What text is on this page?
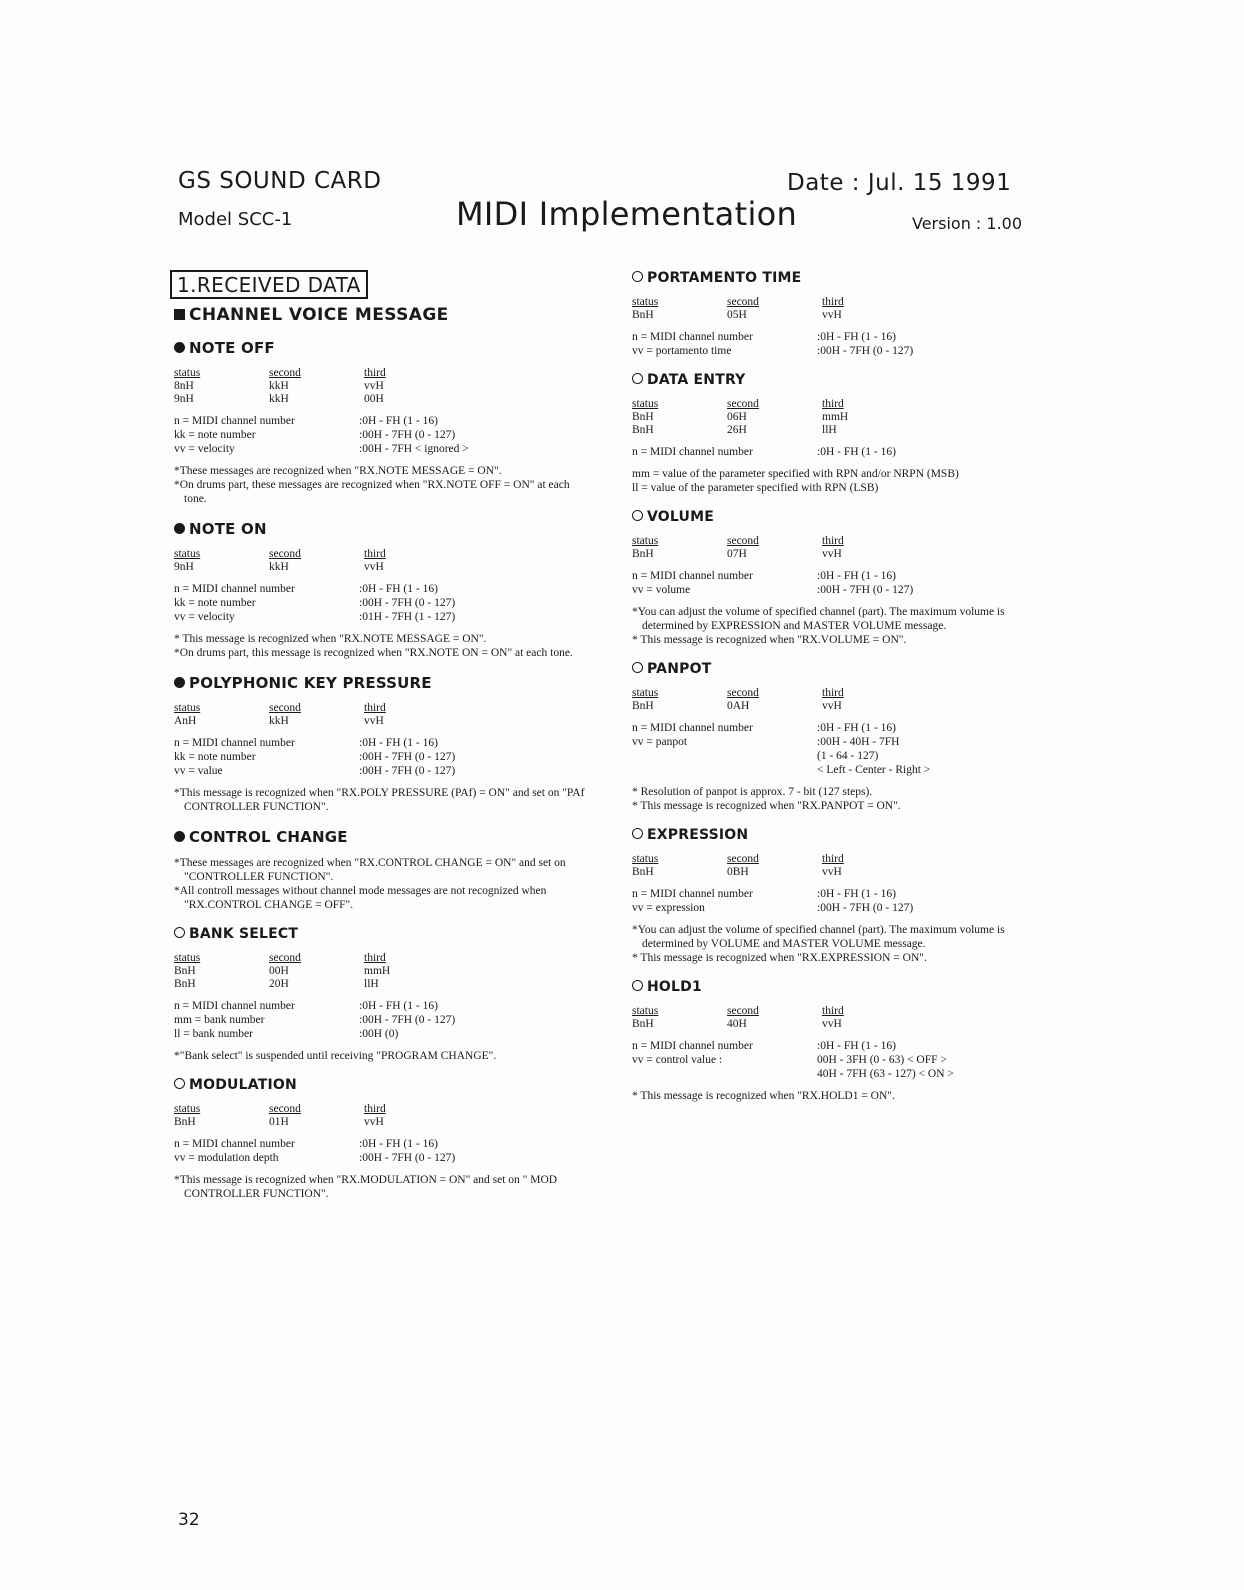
GS SOUND CARD
Model SCC-1	MIDI Implementation
Date : Jul. 15 1991
Version : 1.00
1.RECEIVED DATA
CHANNEL VOICE MESSAGE
NOTE OFF
status	second	third
8nH	kkH	vvH
9nH	kkH	00H
n = MIDI channel number	:0H - FH (1 - 16)
kk = note number	:00H - 7FH (0 - 127)
vv = velocity	:00H - 7FH < ignored >

*These messages are recognized when "RX.NOTE MESSAGE = ON".

*On drums part, these messages are recognized when "RX.NOTE OFF = ON" at each tone.

NOTE ON
status	second	third
9nH	kkH	vvH
n = MIDI channel number	:0H - FH (1 - 16)
kk = note number	:00H - 7FH (0 - 127)
vv = velocity	:01H - 7FH (1 - 127)

* This message is recognized when "RX.NOTE MESSAGE = ON".

*On drums part, this message is recognized when "RX.NOTE ON = ON" at each tone.

POLYPHONIC KEY PRESSURE
status	second	third
AnH	kkH	vvH
n = MIDI channel number	:0H - FH (1 - 16)
kk = note number	:00H - 7FH (0 - 127)
vv = value	:00H - 7FH (0 - 127)

*This message is recognized when "RX.POLY PRESSURE (PAf) = ON" and set on "PAf CONTROLLER FUNCTION".

CONTROL CHANGE

*These messages are recognized when "RX.CONTROL CHANGE = ON" and set on "CONTROLLER FUNCTION".

*All controll messages without channel mode messages are not recognized when "RX.CONTROL CHANGE = OFF".

BANK SELECT
status	second	third
BnH	00H	mmH
BnH	20H	llH
n = MIDI channel number	:0H - FH (1 - 16)
mm = bank number	:00H - 7FH (0 - 127)
ll = bank number	:00H (0)

*"Bank select" is suspended until receiving "PROGRAM CHANGE".

MODULATION
status	second	third
BnH	01H	vvH
n = MIDI channel number	:0H - FH (1 - 16)
vv = modulation depth	:00H - 7FH (0 - 127)

*This message is recognized when "RX.MODULATION = ON" and set on " MOD CONTROLLER FUNCTION".

PORTAMENTO TIME
status	second	third
BnH	05H	vvH
n = MIDI channel number	:0H - FH (1 - 16)
vv = portamento time	:00H - 7FH (0 - 127)
DATA ENTRY
status	second	third
BnH	06H	mmH
BnH	26H	llH
n = MIDI channel number	:0H - FH (1 - 16)

mm = value of the parameter specified with RPN and/or NRPN (MSB)

ll = value of the parameter specified with RPN (LSB)

VOLUME
status	second	third
BnH	07H	vvH
n = MIDI channel number	:0H - FH (1 - 16)
vv = volume	:00H - 7FH (0 - 127)

*You can adjust the volume of specified channel (part). The maximum volume is determined by EXPRESSION and MASTER VOLUME message.

* This message is recognized when "RX.VOLUME = ON".

PANPOT
status	second	third
BnH	0AH	vvH
n = MIDI channel number	:0H - FH (1 - 16)
vv = panpot	:00H - 40H - 7FH
	(1 - 64 - 127)
	< Left - Center - Right >

* Resolution of panpot is approx. 7 - bit (127 steps).

* This message is recognized when "RX.PANPOT = ON".

EXPRESSION
status	second	third
BnH	0BH	vvH
n = MIDI channel number	:0H - FH (1 - 16)
vv = expression	:00H - 7FH (0 - 127)

*You can adjust the volume of specified channel (part). The maximum volume is determined by VOLUME and MASTER VOLUME message.

* This message is recognized when "RX.EXPRESSION = ON".

HOLD1
status	second	third
BnH	40H	vvH
n = MIDI channel number	:0H - FH (1 - 16)
vv = control value :	00H - 3FH (0 - 63) < OFF >
	40H - 7FH (63 - 127) < ON >

* This message is recognized when "RX.HOLD1 = ON".

32
